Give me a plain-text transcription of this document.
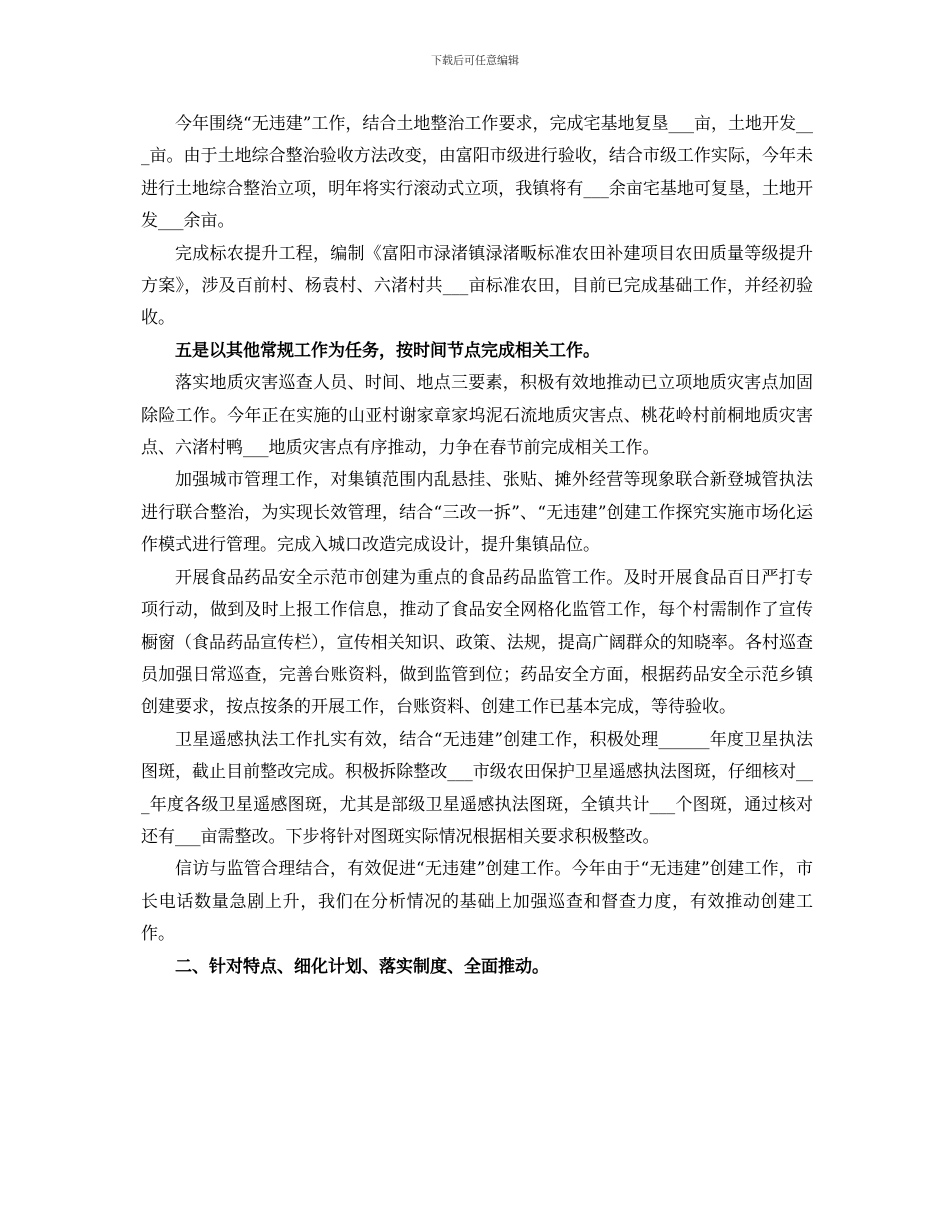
下载后可任意编辑

今年围绕“无违建”工作，结合土地整治工作要求，完成宅基地复垦___亩，土地开发___亩。由于土地综合整治验收方法改变，由富阳市级进行验收，结合市级工作实际，今年未进行土地综合整治立项，明年将实行滚动式立项，我镇将有___余亩宅基地可复垦，土地开发___余亩。

完成标农提升工程，编制《富阳市渌渚镇渌渚畈标准农田补建项目农田质量等级提升方案》，涉及百前村、杨袁村、六渚村共___亩标准农田，目前已完成基础工作，并经初验收。

五是以其他常规工作为任务，按时间节点完成相关工作。

落实地质灾害巡查人员、时间、地点三要素，积极有效地推动已立项地质灾害点加固除险工作。今年正在实施的山亚村谢家章家坞泥石流地质灾害点、桃花岭村前桐地质灾害点、六渚村鸭___地质灾害点有序推动，力争在春节前完成相关工作。

加强城市管理工作，对集镇范围内乱悬挂、张贴、摊外经营等现象联合新登城管执法进行联合整治，为实现长效管理，结合“三改一拆”、“无违建”创建工作探究实施市场化运作模式进行管理。完成入城口改造完成设计，提升集镇品位。

开展食品药品安全示范市创建为重点的食品药品监管工作。及时开展食品百日严打专项行动，做到及时上报工作信息，推动了食品安全网格化监管工作，每个村需制作了宣传橱窗（食品药品宣传栏），宣传相关知识、政策、法规，提高广阔群众的知晓率。各村巡查员加强日常巡查，完善台账资料，做到监管到位；药品安全方面，根据药品安全示范乡镇创建要求，按点按条的开展工作，台账资料、创建工作已基本完成，等待验收。

卫星遥感执法工作扎实有效，结合“无违建”创建工作，积极处理______年度卫星执法图斑，截止目前整改完成。积极拆除整改___市级农田保护卫星遥感执法图斑，仔细核对___年度各级卫星遥感图斑，尤其是部级卫星遥感执法图斑，全镇共计___个图斑，通过核对还有___亩需整改。下步将针对图斑实际情况根据相关要求积极整改。

信访与监管合理结合，有效促进“无违建”创建工作。今年由于“无违建”创建工作，市长电话数量急剧上升，我们在分析情况的基础上加强巡查和督查力度，有效推动创建工作。

二、针对特点、细化计划、落实制度、全面推动。
